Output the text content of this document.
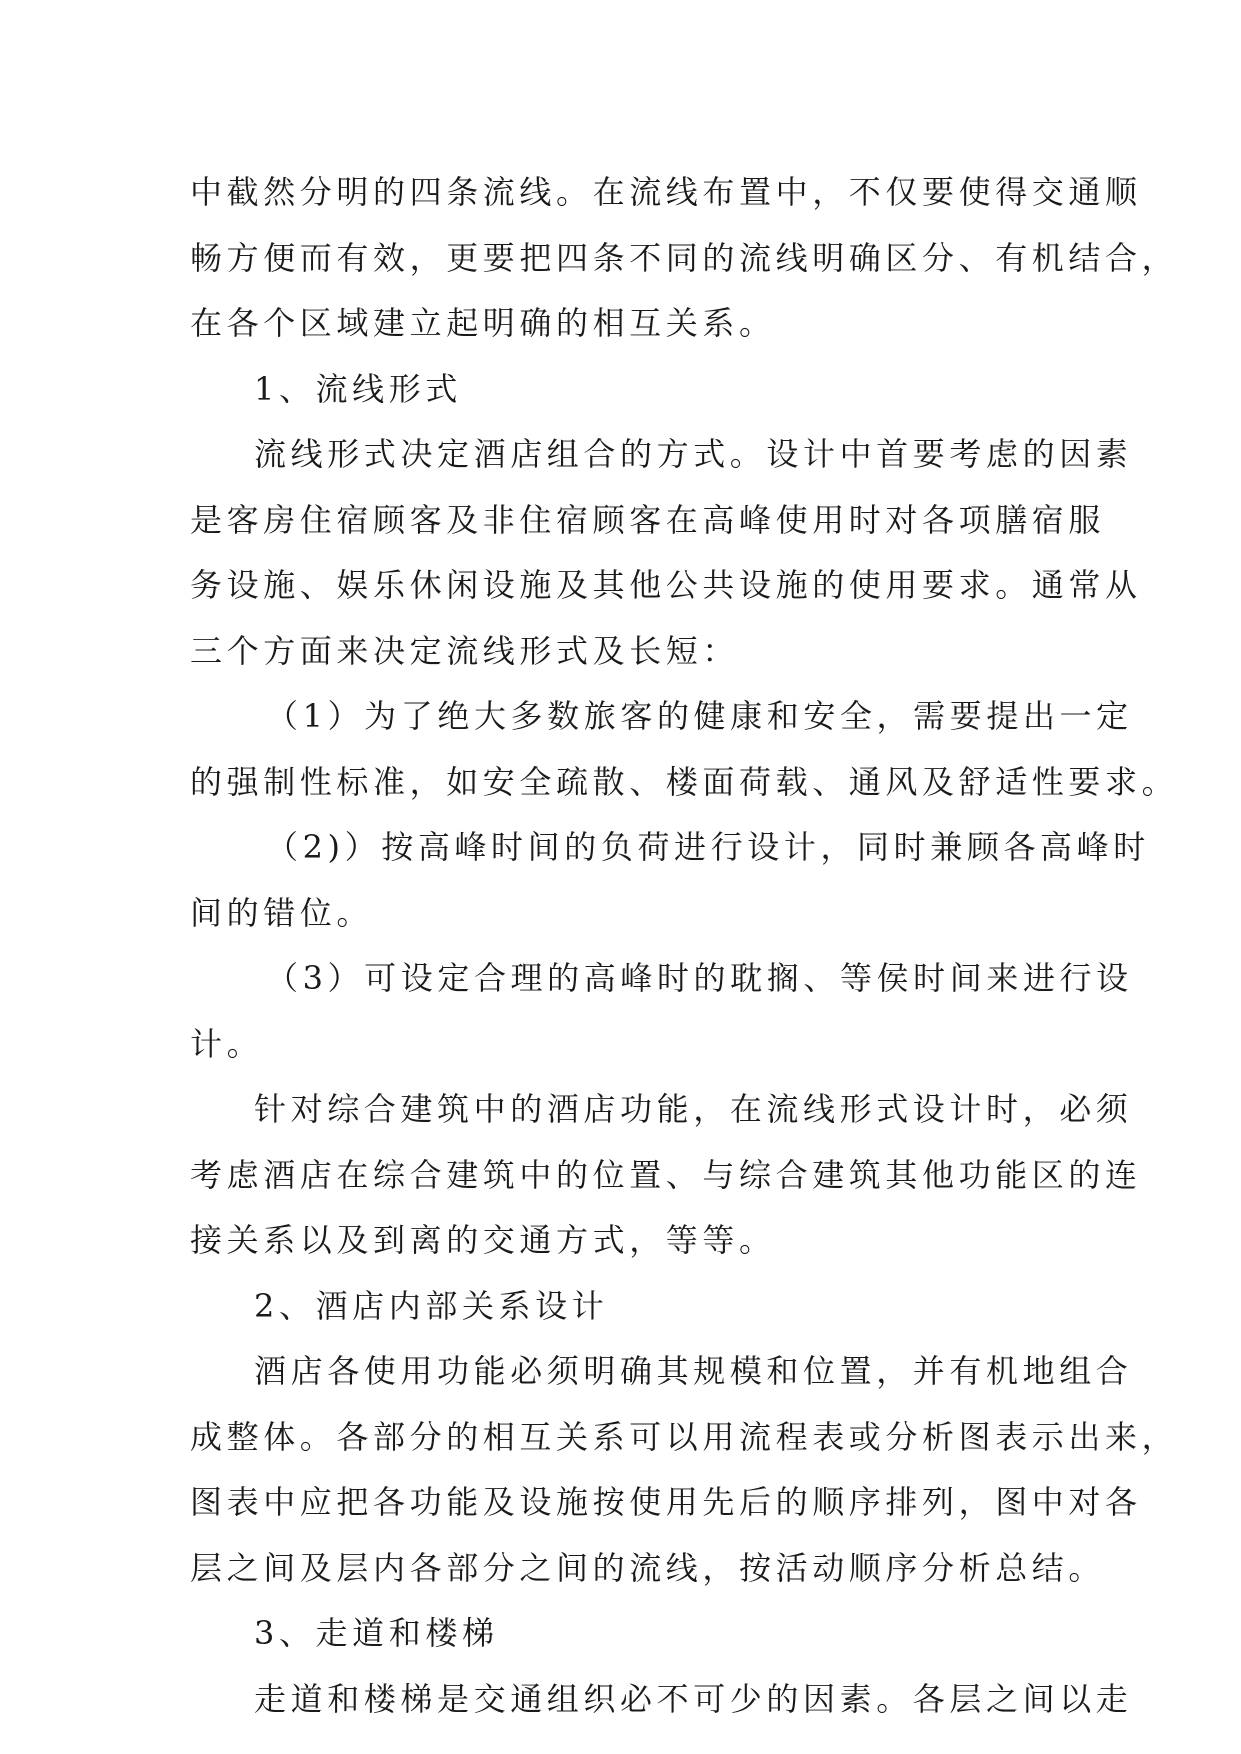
中截然分明的四条流线。在流线布置中，不仅要使得交通顺
畅方便而有效，更要把四条不同的流线明确区分、有机结合，
在各个区域建立起明确的相互关系。
1、流线形式
流线形式决定酒店组合的方式。设计中首要考虑的因素
是客房住宿顾客及非住宿顾客在高峰使用时对各项膳宿服
务设施、娱乐休闲设施及其他公共设施的使用要求。通常从
三个方面来决定流线形式及长短：
（1）为了绝大多数旅客的健康和安全，需要提出一定
的强制性标准，如安全疏散、楼面荷载、通风及舒适性要求。
（2)）按高峰时间的负荷进行设计，同时兼顾各高峰时
间的错位。
（3）可设定合理的高峰时的耽搁、等侯时间来进行设
计。
针对综合建筑中的酒店功能，在流线形式设计时，必须
考虑酒店在综合建筑中的位置、与综合建筑其他功能区的连
接关系以及到离的交通方式，等等。
2、酒店内部关系设计
酒店各使用功能必须明确其规模和位置，并有机地组合
成整体。各部分的相互关系可以用流程表或分析图表示出来，
图表中应把各功能及设施按使用先后的顺序排列，图中对各
层之间及层内各部分之间的流线，按活动顺序分析总结。
3、走道和楼梯
走道和楼梯是交通组织必不可少的因素。各层之间以走
